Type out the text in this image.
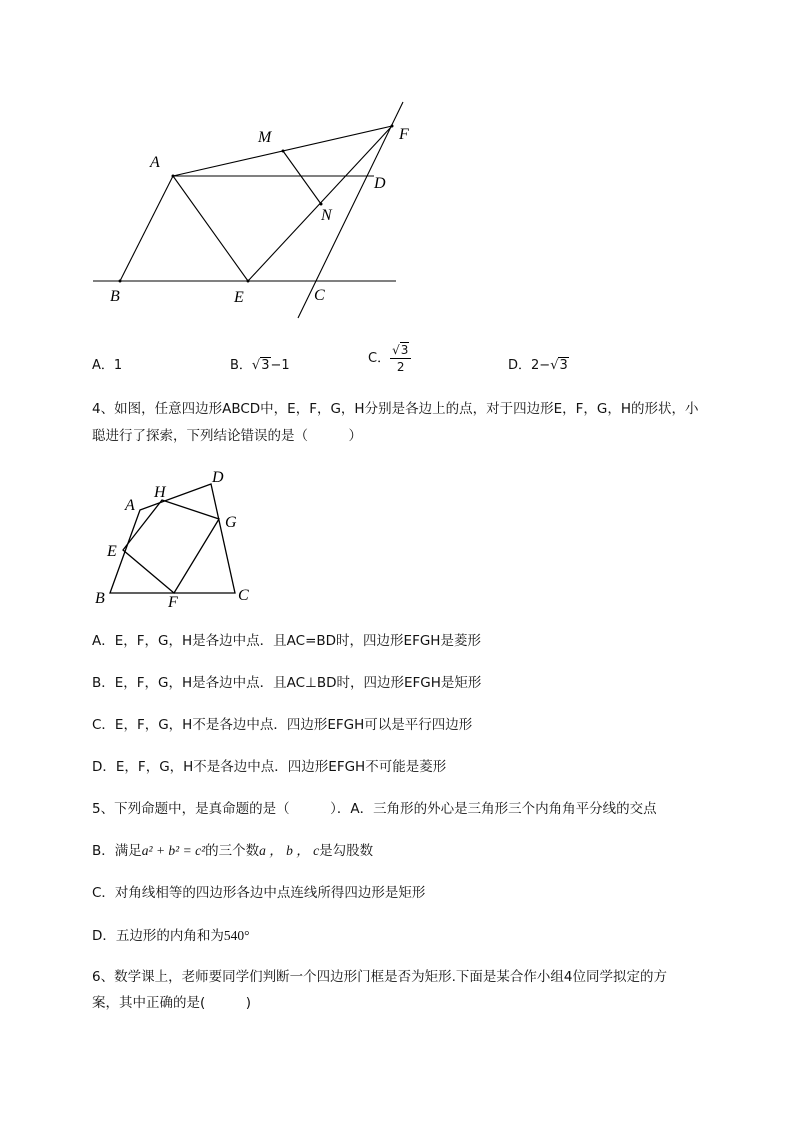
M	F
A
D
N
B	E	C
A．1	B．√3−1	C． $\frac{√3}{2}$	D．2−√3
4、如图，任意四边形ABCD中，E，F，G，H分别是各边上的点，对于四边形E，F，G，H的形状，小
聪进行了探索，下列结论错误的是（　　　）
A
H
D
G
E
B	F	C
A．E，F，G，H是各边中点．且AC=BD时，四边形EFGH是菱形
B．E，F，G，H是各边中点．且AC⊥BD时，四边形EFGH是矩形
C．E，F，G，H不是各边中点．四边形EFGH可以是平行四边形
D．E，F，G，H不是各边中点．四边形EFGH不可能是菱形
5、下列命题中，是真命题的是（　　　）．A．三角形的外心是三角形三个内角角平分线的交点
B．满足a² + b² = c²的三个数a ， b ， c是勾股数
C．对角线相等的四边形各边中点连线所得四边形是矩形
D．五边形的内角和为540°
6、数学课上，老师要同学们判断一个四边形门框是否为矩形.下面是某合作小组4位同学拟定的方
案，其中正确的是(　　　)
